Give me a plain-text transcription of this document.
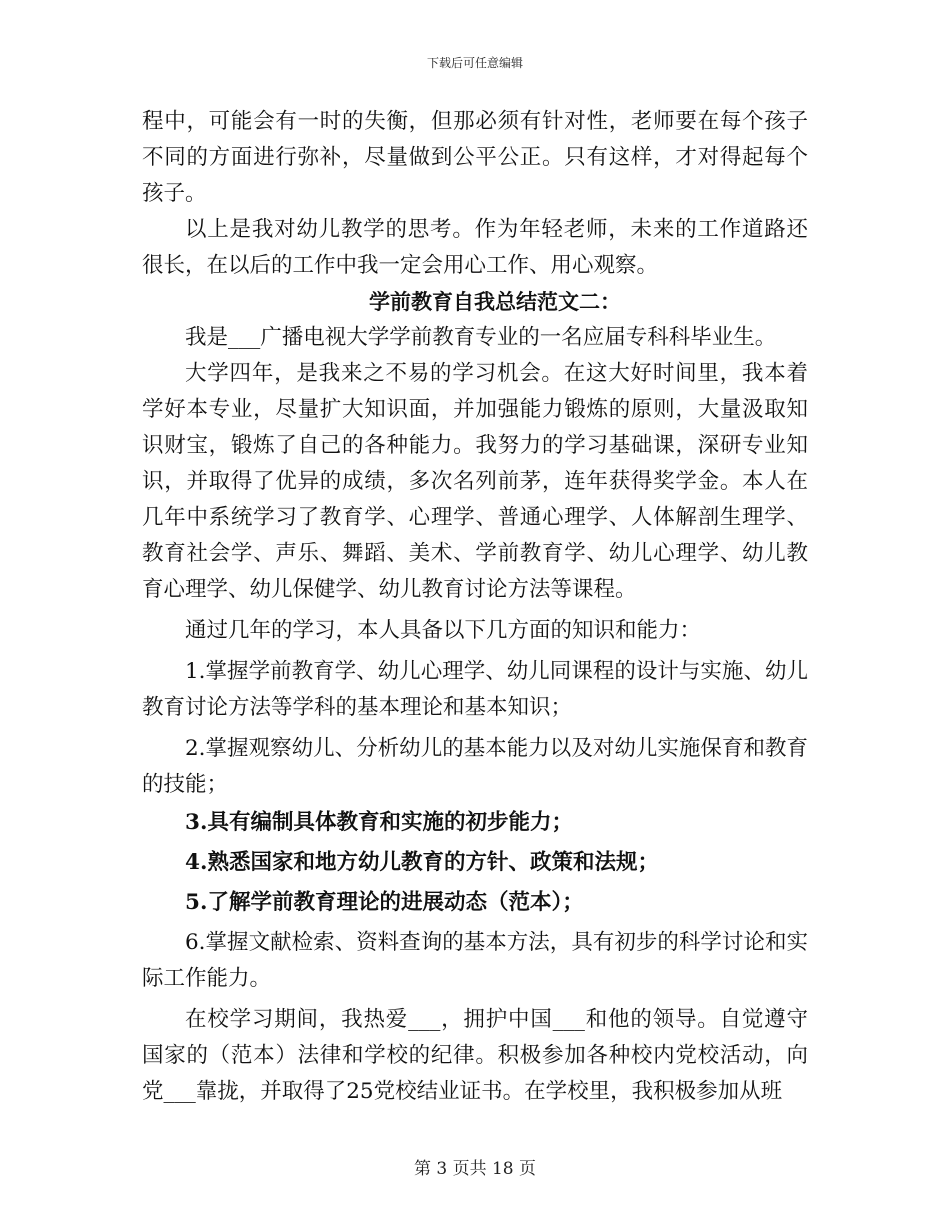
下载后可任意编辑

程中，可能会有一时的失衡，但那必须有针对性，老师要在每个孩子不同的方面进行弥补，尽量做到公平公正。只有这样，才对得起每个孩子。

以上是我对幼儿教学的思考。作为年轻老师，未来的工作道路还很长，在以后的工作中我一定会用心工作、用心观察。

学前教育自我总结范文二：

我是___广播电视大学学前教育专业的一名应届专科科毕业生。

大学四年，是我来之不易的学习机会。在这大好时间里，我本着学好本专业，尽量扩大知识面，并加强能力锻炼的原则，大量汲取知识财宝，锻炼了自己的各种能力。我努力的学习基础课，深研专业知识，并取得了优异的成绩，多次名列前茅，连年获得奖学金。本人在几年中系统学习了教育学、心理学、普通心理学、人体解剖生理学、教育社会学、声乐、舞蹈、美术、学前教育学、幼儿心理学、幼儿教育心理学、幼儿保健学、幼儿教育讨论方法等课程。

通过几年的学习，本人具备以下几方面的知识和能力：

1.掌握学前教育学、幼儿心理学、幼儿同课程的设计与实施、幼儿教育讨论方法等学科的基本理论和基本知识；

2.掌握观察幼儿、分析幼儿的基本能力以及对幼儿实施保育和教育的技能；

3.具有编制具体教育和实施的初步能力；

4.熟悉国家和地方幼儿教育的方针、政策和法规；

5.了解学前教育理论的进展动态（范本）；

6.掌握文献检索、资料查询的基本方法，具有初步的科学讨论和实际工作能力。

在校学习期间，我热爱___，拥护中国___和他的领导。自觉遵守国家的（范本）法律和学校的纪律。积极参加各种校内党校活动，向党___靠拢，并取得了25党校结业证书。在学校里，我积极参加从班

第 3 页共 18 页
